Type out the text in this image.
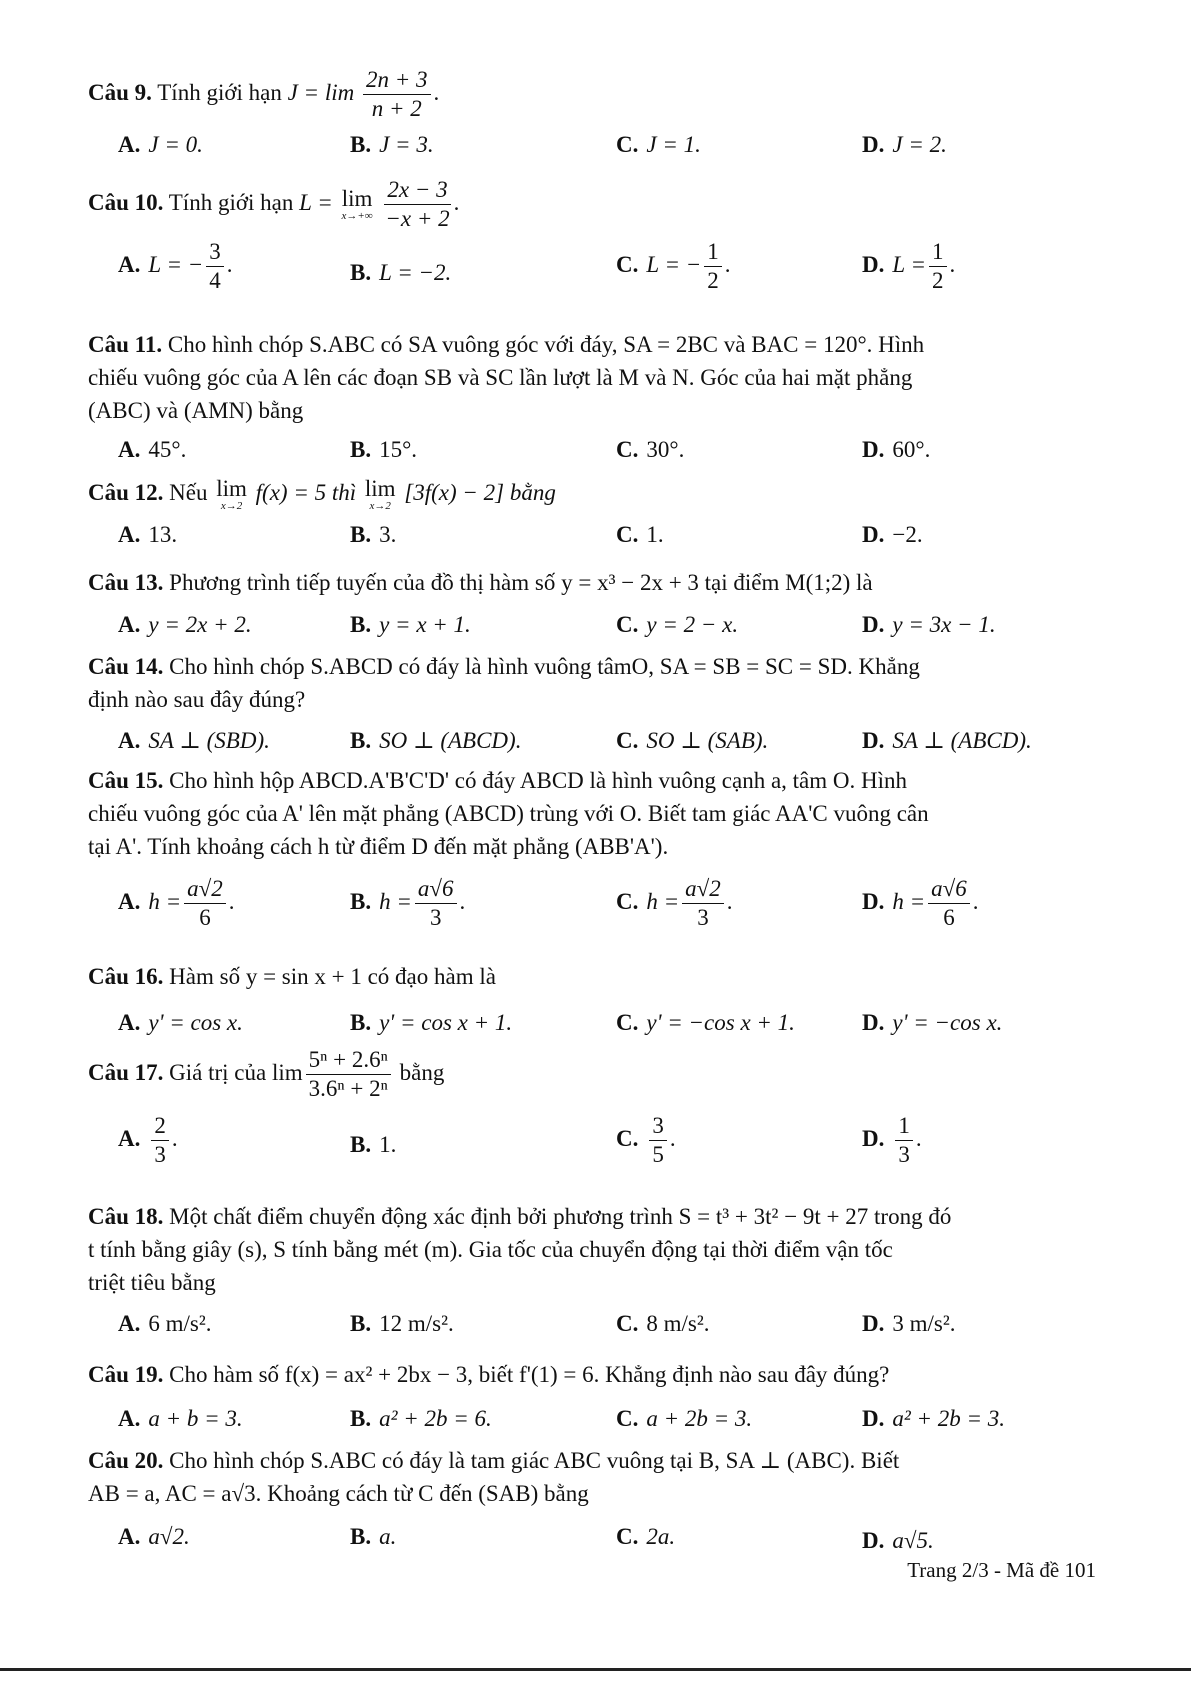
Câu 9. Tính giới hạn $J = \lim \frac{2n + 3}{n + 2}$ .
A. J = 0.	B. J = 3.	C. J = 1.	D. J = 2.
Câu 10. Tính giới hạn L = lim
x→+∞
$\frac{2x - 3}{-x + 2}$ .
A. L = − $\frac{3}{4}$ .	B. L = −2.	C. L = − $\frac{1}{2}$ .	D. $L = \frac{1}{2}$ .
Câu 11. Cho hình chóp S.ABC có SA vuông góc với đáy, SA = 2BC và BAC = 120°. Hình
chiếu vuông góc của A lên các đoạn SB và SC lần lượt là M và N. Góc của hai mặt phẳng
(ABC) và (AMN) bằng
A. 45°.	B. 15°.	C. 30°.	D. 60°.
Câu 12. Nếu lim
x→2
f(x) = 5 thì lim
x→2
[3f(x) − 2] bằng
A. 13.	B. 3.	C. 1.	D. −2.
Câu 13. Phương trình tiếp tuyến của đồ thị hàm số y = x³ − 2x + 3 tại điểm M(1;2) là
A. y = 2x + 2.	B. y = x + 1.	C. y = 2 − x.	D. y = 3x − 1.
Câu 14. Cho hình chóp S.ABCD có đáy là hình vuông tâmO, SA = SB = SC = SD. Khẳng
định nào sau đây đúng?
A. SA ⊥ (SBD).	B. SO ⊥ (ABCD).	C. SO ⊥ (SAB).	D. SA ⊥ (ABCD).
Câu 15. Cho hình hộp ABCD.A'B'C'D' có đáy ABCD là hình vuông cạnh a, tâm O. Hình
chiếu vuông góc của A' lên mặt phẳng (ABCD) trùng với O. Biết tam giác AA'C vuông cân
tại A'. Tính khoảng cách h từ điểm D đến mặt phẳng (ABB'A').
A. $h = \frac{a√2}{6}$ .	B. $h = \frac{a√6}{3}$ .	C. $h = \frac{a√2}{3}$ .	D. $h = \frac{a√6}{6}$ .
Câu 16. Hàm số y = sin x + 1 có đạo hàm là
A. y' = cos x.	B. y' = cos x + 1.	C. y' = −cos x + 1.	D. y' = −cos x.
Câu 17. Giá trị của $\lim \frac{\text{5ⁿ + 2.6ⁿ}}{\text{3.6ⁿ + 2ⁿ}}$ bằng
A. $\frac{2}{3}$ .	B. 1.	C. $\frac{3}{5}$ .	D. $\frac{1}{3}$ .
Câu 18. Một chất điểm chuyển động xác định bởi phương trình S = t³ + 3t² − 9t + 27 trong đó
t tính bằng giây (s), S tính bằng mét (m). Gia tốc của chuyển động tại thời điểm vận tốc
triệt tiêu bằng
A. 6 m/s².	B. 12 m/s².	C. 8 m/s².	D. 3 m/s².
Câu 19. Cho hàm số f(x) = ax² + 2bx − 3, biết f'(1) = 6. Khẳng định nào sau đây đúng?
A. a + b = 3.	B. a² + 2b = 6.	C. a + 2b = 3.	D. a² + 2b = 3.
Câu 20. Cho hình chóp S.ABC có đáy là tam giác ABC vuông tại B, SA ⊥ (ABC). Biết
AB = a, AC = a√3. Khoảng cách từ C đến (SAB) bằng
A. a√2.	B. a.	C. 2a.	D. a√5.
Trang 2/3 - Mã đề 101
